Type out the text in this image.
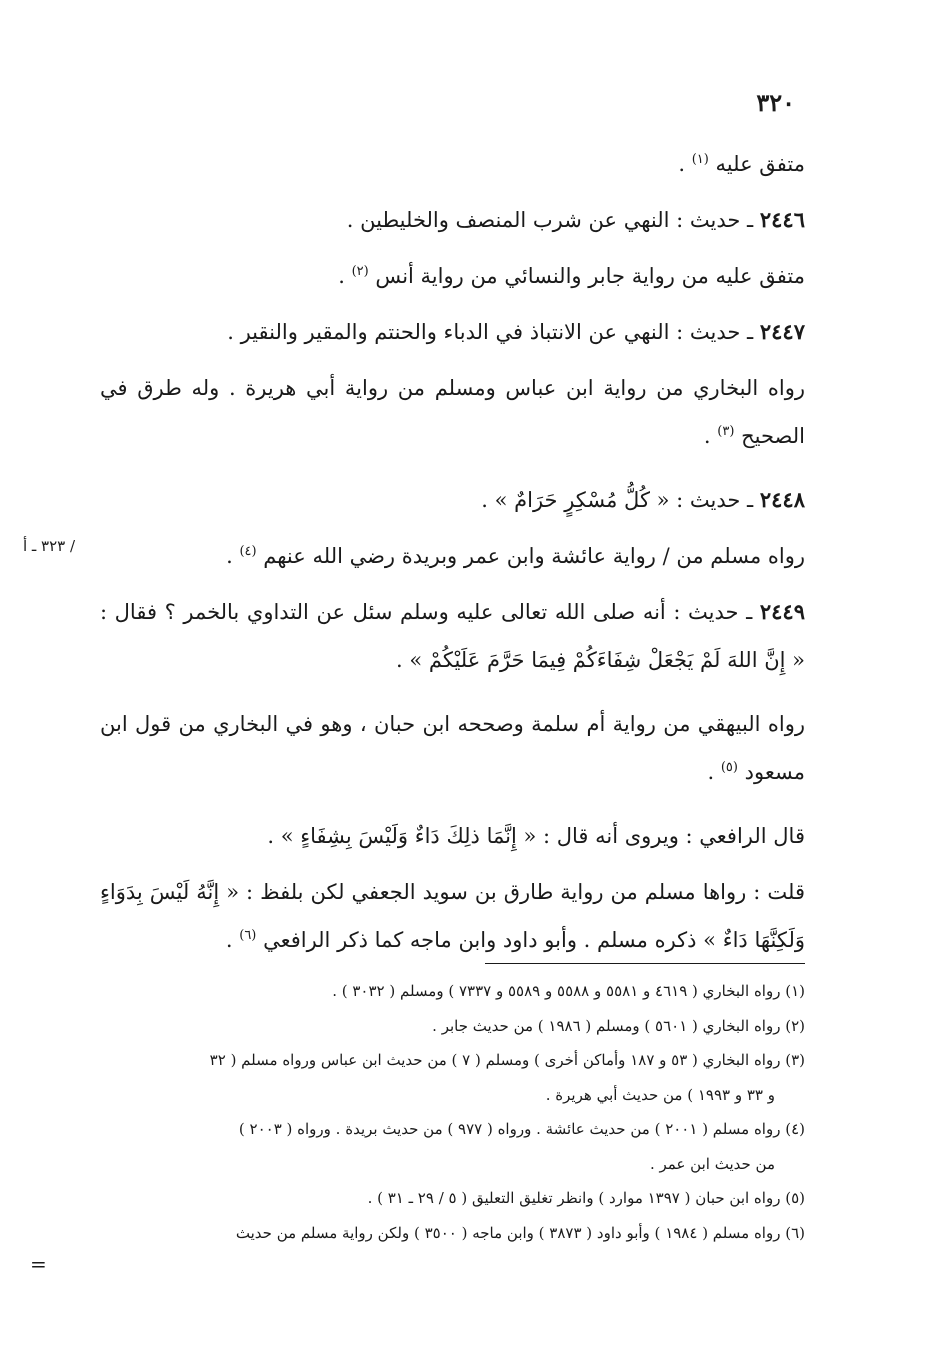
٣٢٠
/ ٣٢٣ ـ أ
=

متفق عليه $^{(١)}$ .

٢٤٤٦ ـ حديث : النهي عن شرب المنصف والخليطين .

متفق عليه من رواية جابر والنسائي من رواية أنس $^{(٢)}$ .

٢٤٤٧ ـ حديث : النهي عن الانتباذ في الدباء والحنتم والمقير والنقير .

رواه البخاري من رواية ابن عباس ومسلم من رواية أبي هريرة . وله طرق في الصحيح $^{(٣)}$ .

٢٤٤٨ ـ حديث : « كُلُّ مُسْكِرٍ حَرَامٌ » .

رواه مسلم من / رواية عائشة وابن عمر وبريدة رضي الله عنهم $^{(٤)}$ .

٢٤٤٩ ـ حديث : أنه صلى الله تعالى عليه وسلم سئل عن التداوي بالخمر ؟ فقال : « إِنَّ اللهَ لَمْ يَجْعَلْ شِفَاءَكُمْ فِيمَا حَرَّمَ عَلَيْكُمْ » .

رواه البيهقي من رواية أم سلمة وصححه ابن حبان ، وهو في البخاري من قول ابن مسعود $^{(٥)}$ .

قال الرافعي : ويروى أنه قال : « إِنَّمَا ذلِكَ دَاءٌ وَلَيْسَ بِشِفَاءٍ » .

قلت : رواها مسلم من رواية طارق بن سويد الجعفي لكن بلفظ : « إِنَّهُ لَيْسَ بِدَوَاءٍ وَلَكِنَّهَا دَاءٌ » ذكره مسلم . وأبو داود وابن ماجه كما ذكر الرافعي $^{(٦)}$ .

(١) رواه البخاري ( ٤٦١٩ و ٥٥٨١ و ٥٥٨٨ و ٥٥٨٩ و ٧٣٣٧ ) ومسلم ( ٣٠٣٢ ) .

(٢) رواه البخاري ( ٥٦٠١ ) ومسلم ( ١٩٨٦ ) من حديث جابر .

(٣) رواه البخاري ( ٥٣ و ١٨٧ وأماكن أخرى ) ومسلم ( ٧ ) من حديث ابن عباس ورواه مسلم ( ٣٢

و ٣٣ و ١٩٩٣ ) من حديث أبي هريرة .

(٤) رواه مسلم ( ٢٠٠١ ) من حديث عائشة . ورواه ( ٩٧٧ ) من حديث بريدة . ورواه ( ٢٠٠٣ )

من حديث ابن عمر .

(٥) رواه ابن حبان ( ١٣٩٧ موارد ) وانظر تغليق التعليق ( ٥ / ٢٩ ـ ٣١ ) .

(٦) رواه مسلم ( ١٩٨٤ ) وأبو داود ( ٣٨٧٣ ) وابن ماجه ( ٣٥٠٠ ) ولكن رواية مسلم من حديث
